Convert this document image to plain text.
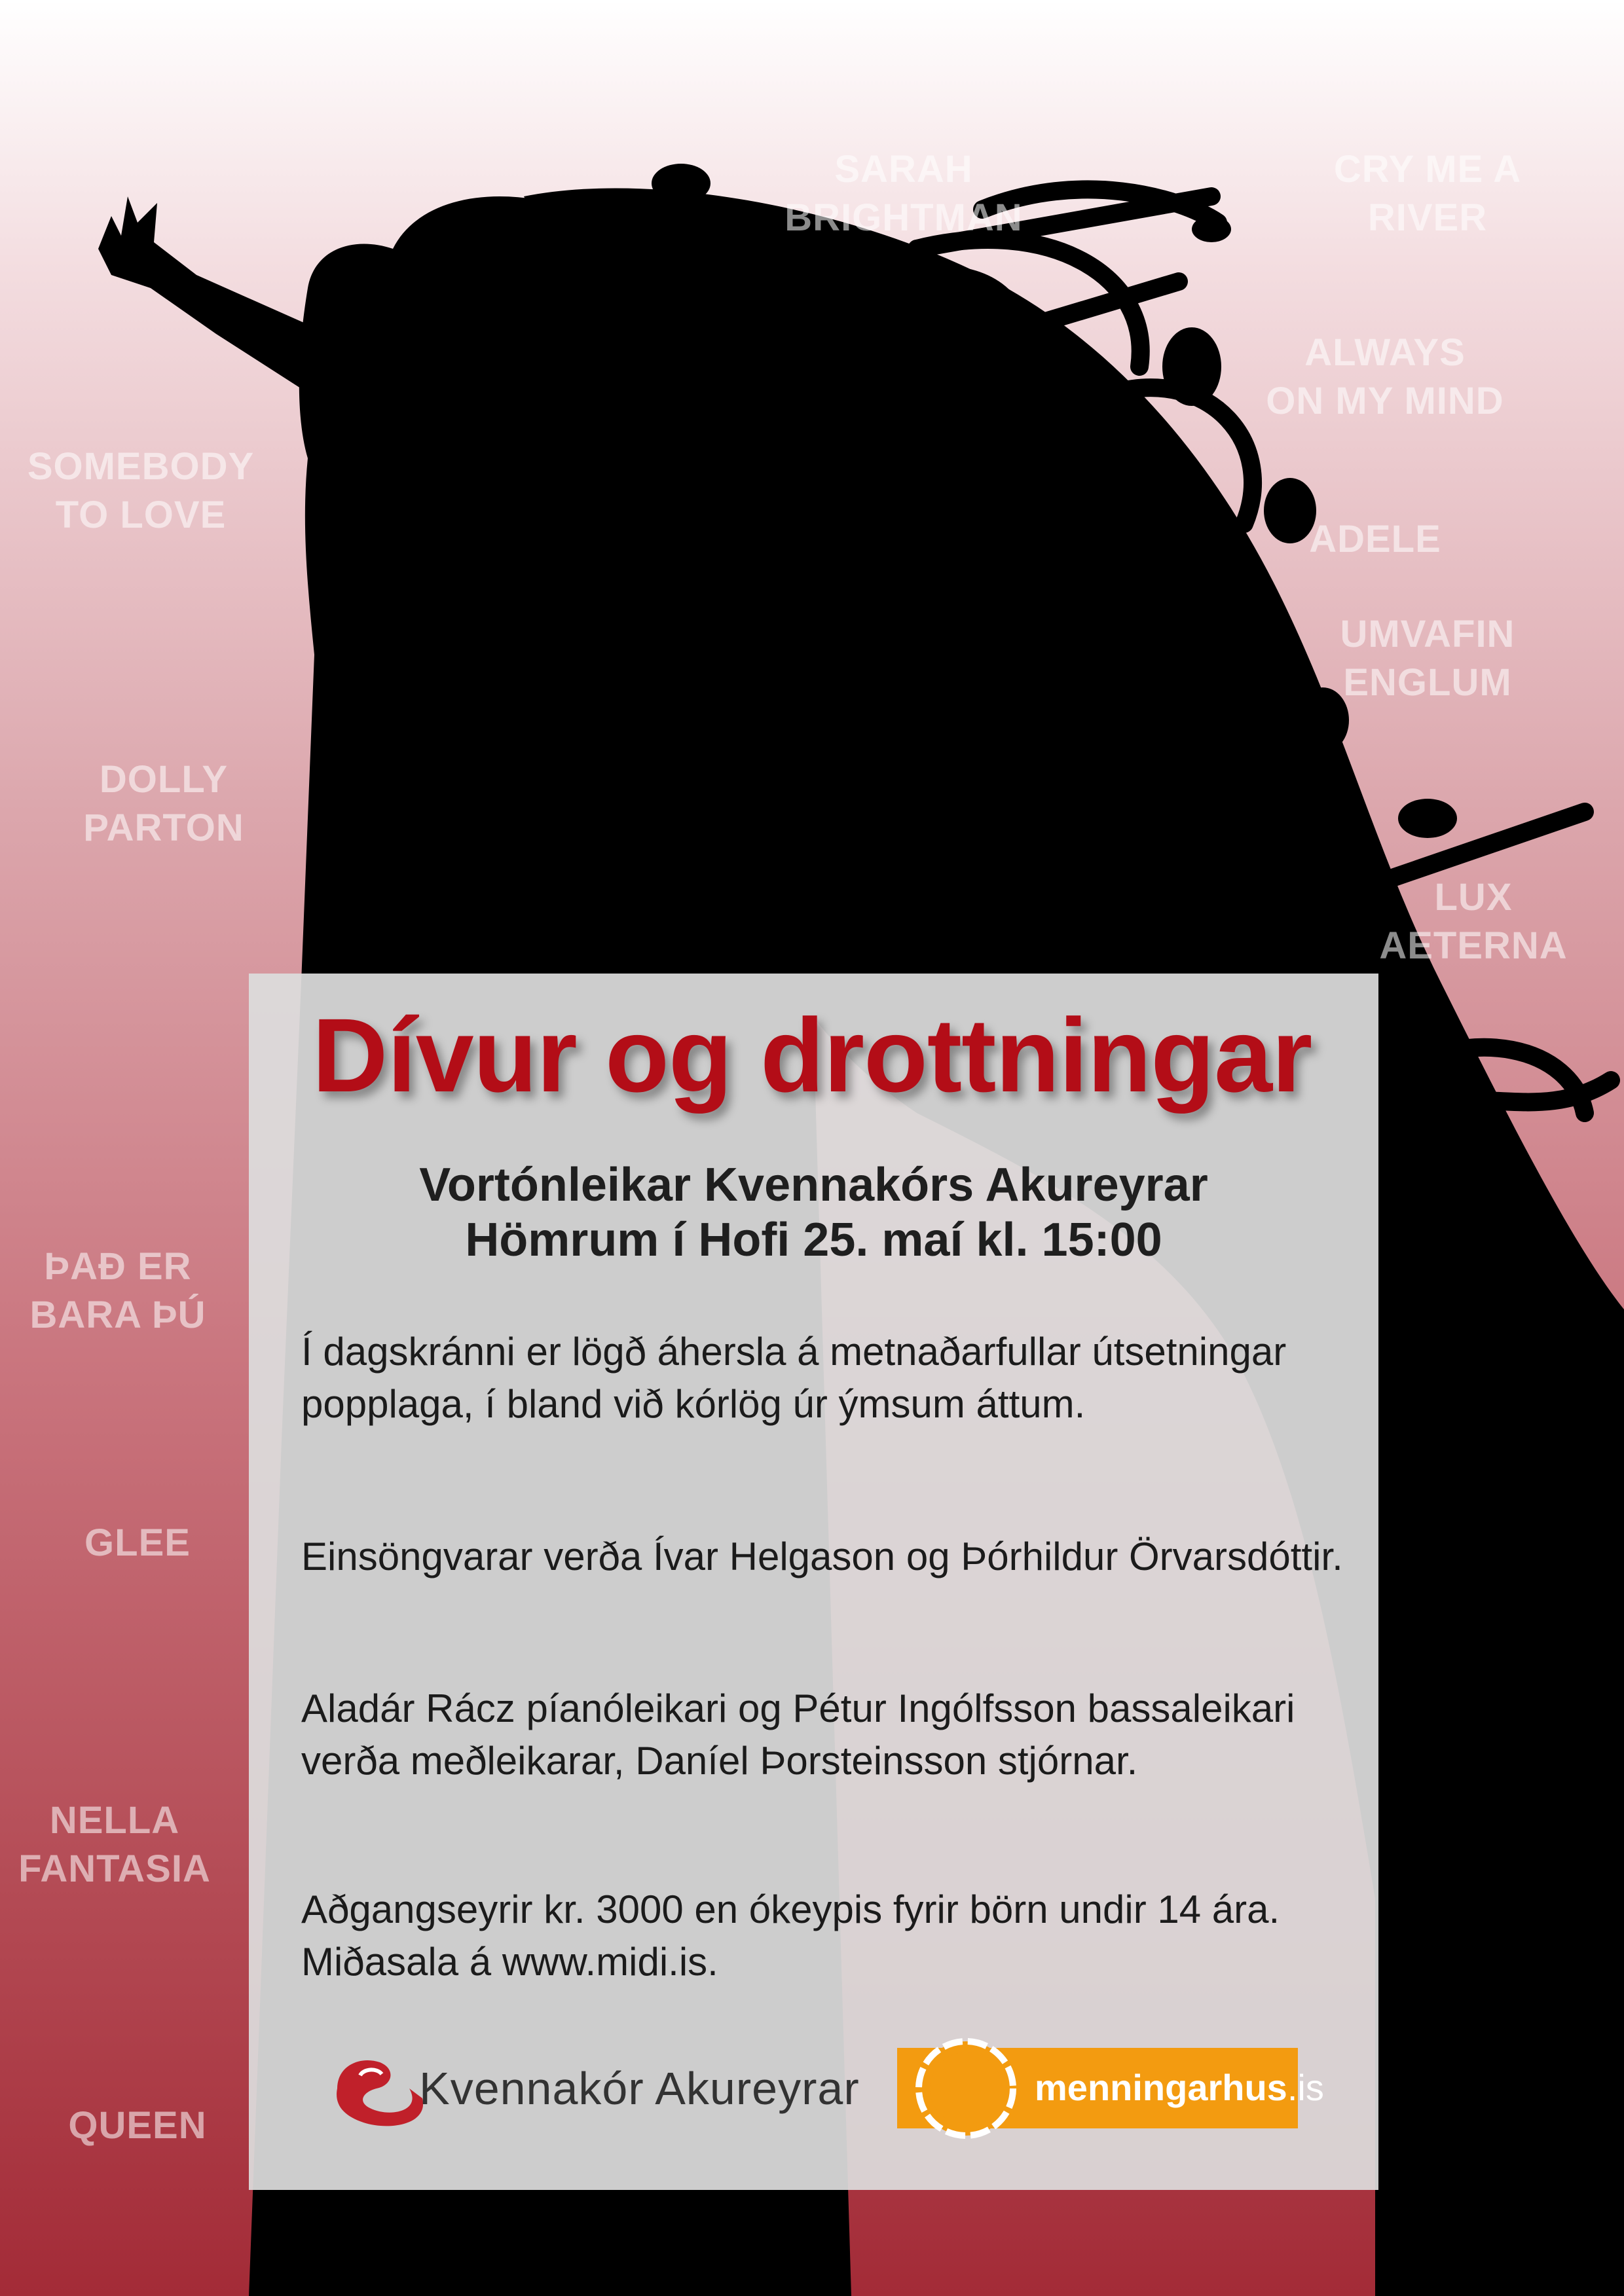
SARAH
BRIGHTMAN
CRY ME A
RIVER
ALWAYS
ON MY MIND
SOMEBODY
TO LOVE
ADELE
UMVAFIN
ENGLUM
DOLLY
PARTON
LUX
AETERNA
ÞAÐ ER
BARA ÞÚ
GLEE
NELLA
FANTASIA
QUEEN
Dívur og drottningar
Vortónleikar Kvennakórs Akureyrar
Hömrum í Hofi 25. maí kl. 15:00
Í dagskránni er lögð áhersla á metnaðarfullar útsetningar popplaga, í bland við kórlög úr ýmsum áttum.
Einsöngvarar verða Ívar Helgason og Þórhildur Örvarsdóttir.
Aladár Rácz píanóleikari og Pétur Ingólfsson bassaleikari verða meðleikarar, Daníel Þorsteinsson stjórnar.
Aðgangseyrir kr. 3000 en ókeypis fyrir börn undir 14 ára. Miðasala á www.midi.is.
Kvennakór Akureyrar	menningarhus.is
